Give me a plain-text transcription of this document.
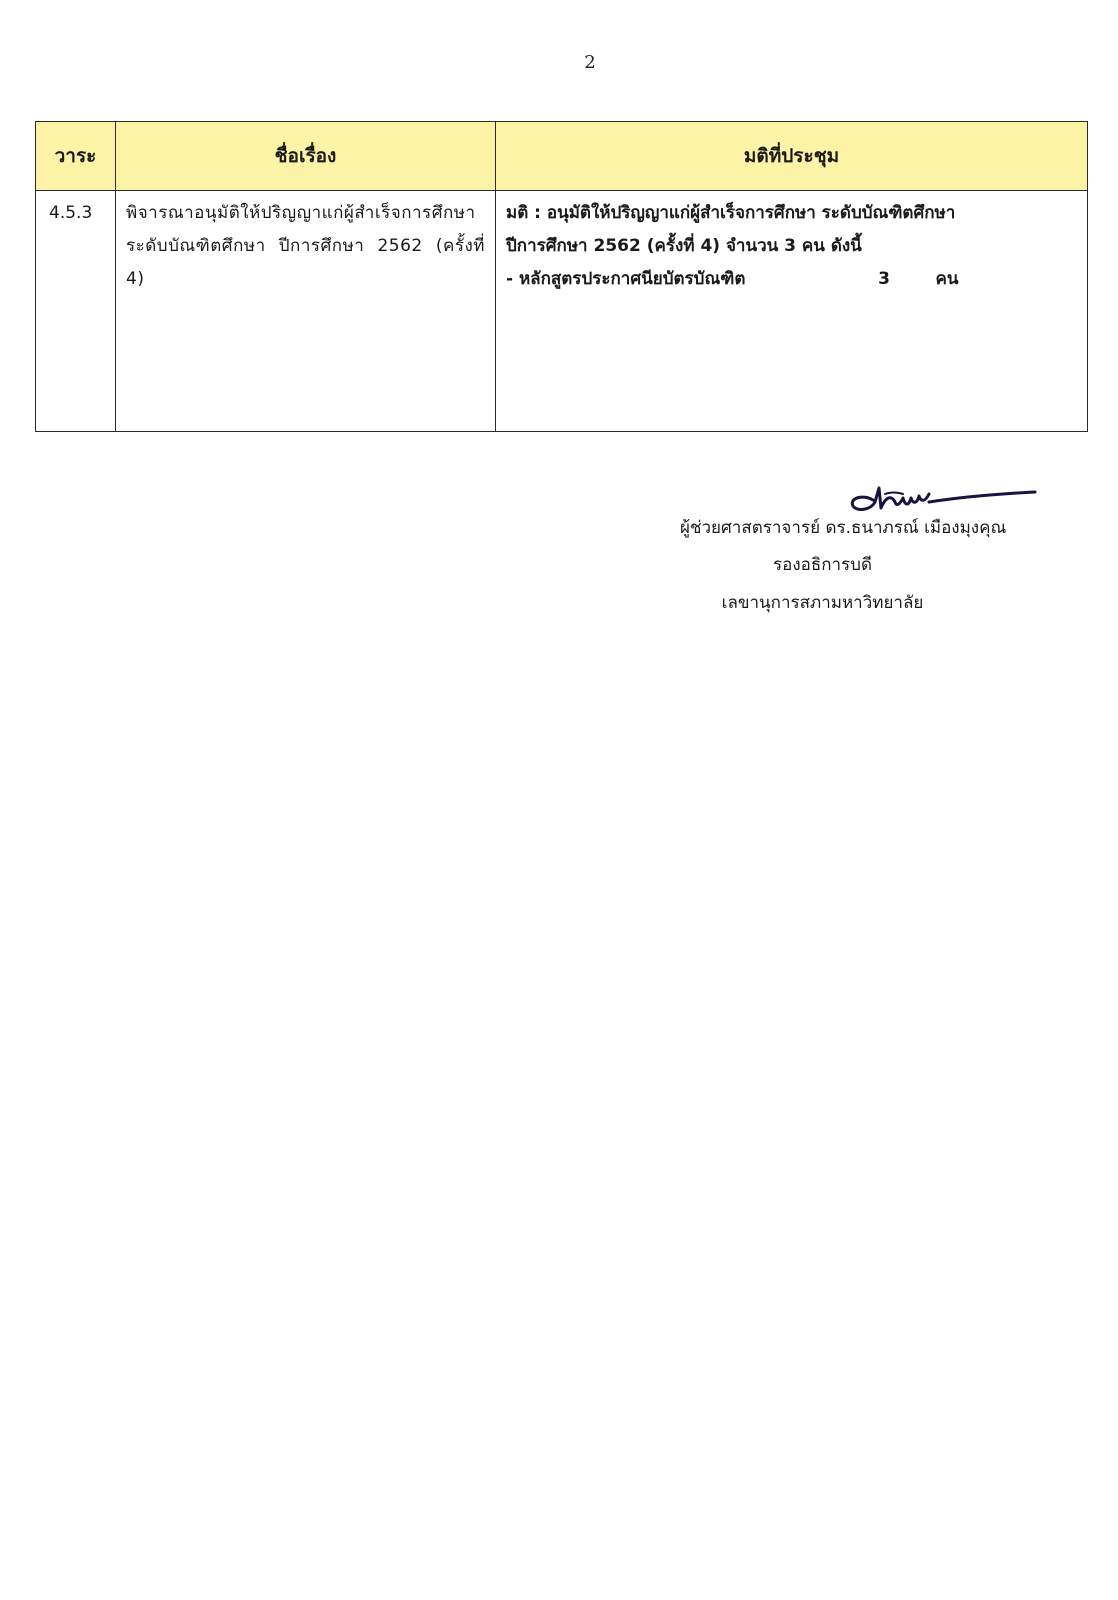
2
วาระ	ชื่อเรื่อง	มติที่ประชุม
4.5.3	พิจารณาอนุมัติให้ปริญญาแก่ผู้สำเร็จการศึกษาระดับบัณฑิตศึกษา ปีการศึกษา 2562 (ครั้งที่ 4)	มติ : อนุมัติให้ปริญญาแก่ผู้สำเร็จการศึกษา ระดับบัณฑิตศึกษา
ปีการศึกษา 2562 (ครั้งที่ 4) จำนวน 3 คน ดังนี้
- หลักสูตรประกาศนียบัตรบัณฑิต 3 คน
ผู้ช่วยศาสตราจารย์ ดร.ธนาภรณ์ เมืองมุงคุณ
รองอธิการบดี
เลขานุการสภามหาวิทยาลัย
